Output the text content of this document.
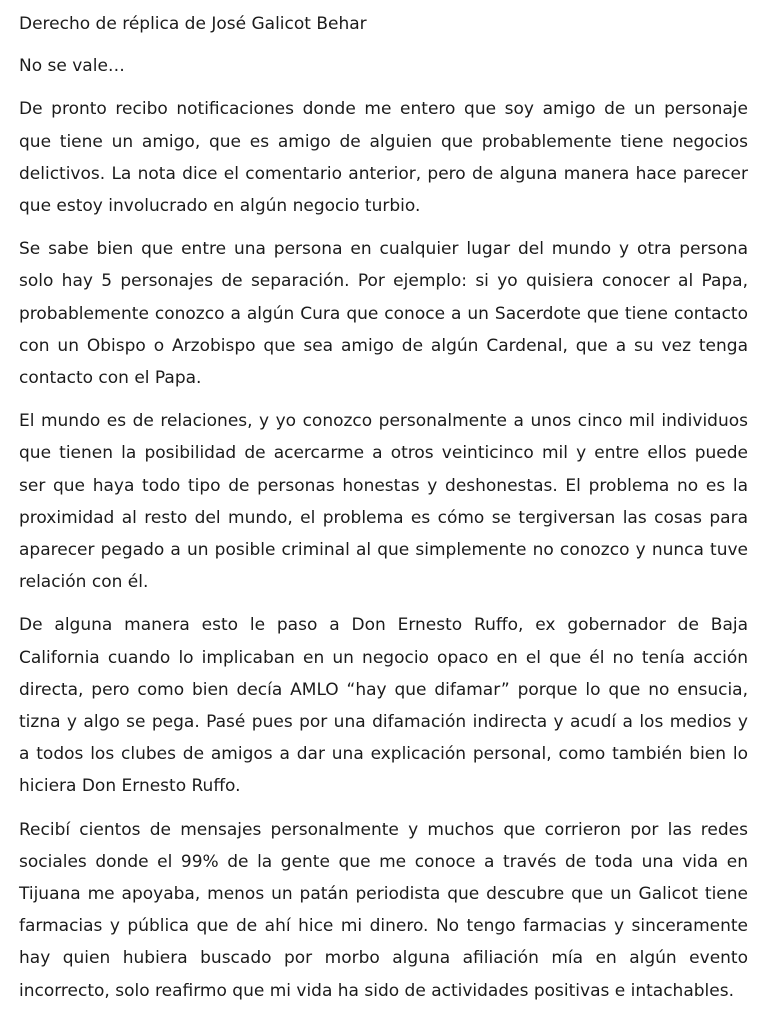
Derecho de réplica de José Galicot Behar

No se vale…

De pronto recibo notificaciones donde me entero que soy amigo de un personaje
que tiene un amigo, que es amigo de alguien que probablemente tiene negocios
delictivos. La nota dice el comentario anterior, pero de alguna manera hace parecer
que estoy involucrado en algún negocio turbio.

Se sabe bien que entre una persona en cualquier lugar del mundo y otra persona
solo hay 5 personajes de separación. Por ejemplo: si yo quisiera conocer al Papa,
probablemente conozco a algún Cura que conoce a un Sacerdote que tiene contacto
con un Obispo o Arzobispo que sea amigo de algún Cardenal, que a su vez tenga
contacto con el Papa.

El mundo es de relaciones, y yo conozco personalmente a unos cinco mil individuos
que tienen la posibilidad de acercarme a otros veinticinco mil y entre ellos puede
ser que haya todo tipo de personas honestas y deshonestas. El problema no es la
proximidad al resto del mundo, el problema es cómo se tergiversan las cosas para
aparecer pegado a un posible criminal al que simplemente no conozco y nunca tuve
relación con él.

De alguna manera esto le paso a Don Ernesto Ruffo, ex gobernador de Baja
California cuando lo implicaban en un negocio opaco en el que él no tenía acción
directa, pero como bien decía AMLO “hay que difamar” porque lo que no ensucia,
tizna y algo se pega. Pasé pues por una difamación indirecta y acudí a los medios y
a todos los clubes de amigos a dar una explicación personal, como también bien lo
hiciera Don Ernesto Ruffo.

Recibí cientos de mensajes personalmente y muchos que corrieron por las redes
sociales donde el 99% de la gente que me conoce a través de toda una vida en
Tijuana me apoyaba, menos un patán periodista que descubre que un Galicot tiene
farmacias y pública que de ahí hice mi dinero. No tengo farmacias y sinceramente
hay quien hubiera buscado por morbo alguna afiliación mía en algún evento
incorrecto, solo reafirmo que mi vida ha sido de actividades positivas e intachables.
